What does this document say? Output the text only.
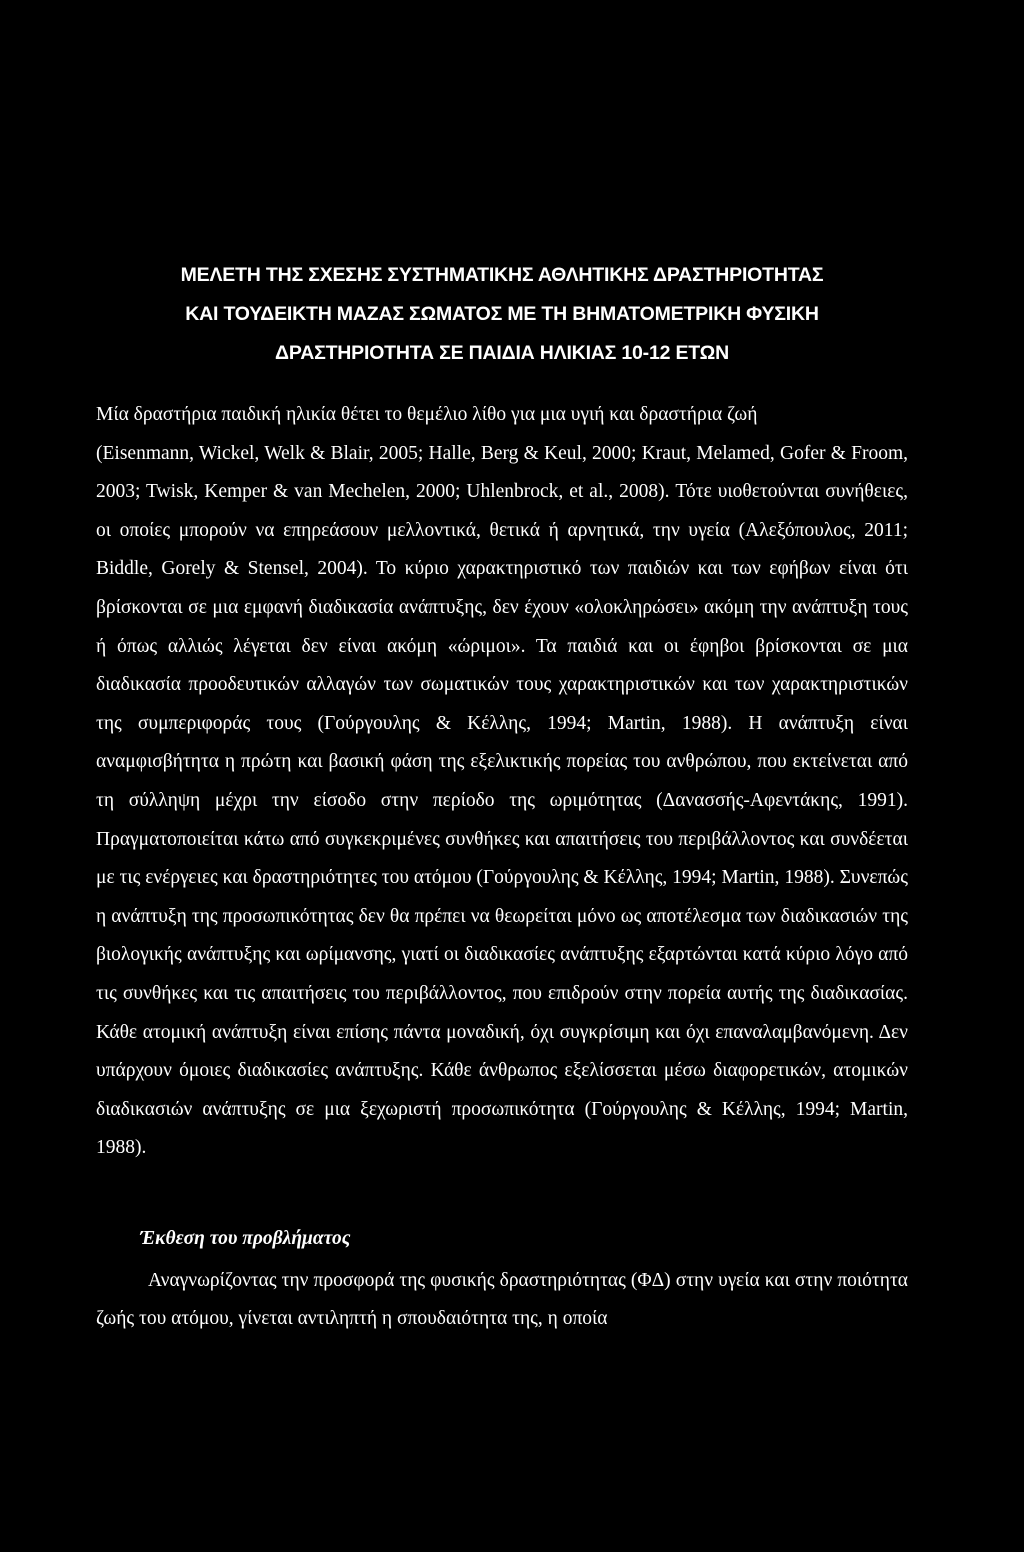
ΜΕΛΕΤΗ ΤΗΣ ΣΧΕΣΗΣ ΣΥΣΤΗΜΑΤΙΚΗΣ ΑΘΛΗΤΙΚΗΣ ΔΡΑΣΤΗΡΙΟΤΗΤΑΣ
ΚΑΙ ΤΟΥΔΕΙΚΤΗ ΜΑΖΑΣ ΣΩΜΑΤΟΣ ΜΕ ΤΗ ΒΗΜΑΤΟΜΕΤΡΙΚΗ ΦΥΣΙΚΗ
ΔΡΑΣΤΗΡΙΟΤΗΤΑ ΣΕ ΠΑΙΔΙΑ ΗΛΙΚΙΑΣ 10-12 ΕΤΩΝ

Μία δραστήρια παιδική ηλικία θέτει το θεμέλιο λίθο για μια υγιή και δραστήρια ζωή
(Eisenmann, Wickel, Welk & Blair, 2005; Halle, Berg & Keul, 2000; Kraut, Melamed, Gofer & Froom, 2003; Twisk, Kemper & van Mechelen, 2000; Uhlenbrock, et al., 2008). Τότε υιοθετούνται συνήθειες, οι οποίες μπορούν να επηρεάσουν μελλοντικά, θετικά ή αρνητικά, την υγεία (Αλεξόπουλος, 2011; Biddle, Gorely & Stensel, 2004). Το κύριο χαρακτηριστικό των παιδιών και των εφήβων είναι ότι βρίσκονται σε μια εμφανή διαδικασία ανάπτυξης, δεν έχουν «ολοκληρώσει» ακόμη την ανάπτυξη τους ή όπως αλλιώς λέγεται δεν είναι ακόμη «ώριμοι». Τα παιδιά και οι έφηβοι βρίσκονται σε μια διαδικασία προοδευτικών αλλαγών των σωματικών τους χαρακτηριστικών και των χαρακτηριστικών της συμπεριφοράς τους (Γούργουλης & Κέλλης, 1994; Martin, 1988). Η ανάπτυξη είναι αναμφισβήτητα η πρώτη και βασική φάση της εξελικτικής πορείας του ανθρώπου, που εκτείνεται από τη σύλληψη μέχρι την είσοδο στην περίοδο της ωριμότητας (Δανασσής-Αφεντάκης, 1991). Πραγματοποιείται κάτω από συγκεκριμένες συνθήκες και απαιτήσεις του περιβάλλοντος και συνδέεται με τις ενέργειες και δραστηριότητες του ατόμου (Γούργουλης & Κέλλης, 1994; Martin, 1988). Συνεπώς η ανάπτυξη της προσωπικότητας δεν θα πρέπει να θεωρείται μόνο ως αποτέλεσμα των διαδικασιών της βιολογικής ανάπτυξης και ωρίμανσης, γιατί οι διαδικασίες ανάπτυξης εξαρτώνται κατά κύριο λόγο από τις συνθήκες και τις απαιτήσεις του περιβάλλοντος, που επιδρούν στην πορεία αυτής της διαδικασίας. Κάθε ατομική ανάπτυξη είναι επίσης πάντα μοναδική, όχι συγκρίσιμη και όχι επαναλαμβανόμενη. Δεν υπάρχουν όμοιες διαδικασίες ανάπτυξης. Κάθε άνθρωπος εξελίσσεται μέσω διαφορετικών, ατομικών διαδικασιών ανάπτυξης σε μια ξεχωριστή προσωπικότητα (Γούργουλης & Κέλλης, 1994; Martin, 1988).

Έκθεση του προβλήματος

Αναγνωρίζοντας την προσφορά της φυσικής δραστηριότητας (ΦΔ) στην υγεία και στην ποιότητα ζωής του ατόμου, γίνεται αντιληπτή η σπουδαιότητα της, η οποία
